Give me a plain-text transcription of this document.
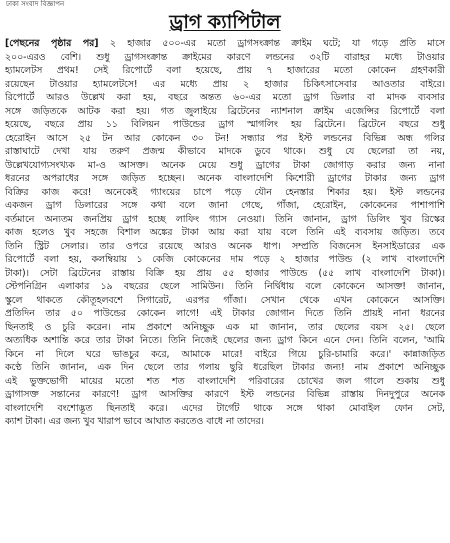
ঢাকা সংবাদ বিজ্ঞাপন
ড্রাগ ক্যাপিটাল

[পেছনের পৃষ্ঠার পর] ২ হাজার ৫০০-এর মতো ড্রাগসংক্রান্ত ক্রাইম ঘটে; যা গড়ে প্রতি মাসে

২০০-এরও বেশি। শুধু ড্রাগসংক্রান্ত ক্রাইমের কারণে লন্ডনের ৩২টি বারাহর মধ্যে টাওয়ার

হ্যামলেটস প্রথম! সেই রিপোর্টে বলা হয়েছে, প্রায় ৭ হাজারের মতো কোকেন গ্রহণকারী

রয়েছেন টাওয়ার হ্যামলেটসে! এর মধ্যে প্রায় ২ হাজার চিকিৎসাসেবার আওতার বাইরে।

রিপোর্টে আরও উল্লেখ করা হয়, বছরে অন্তত ৬০-এর মতো ড্রাগ ডিলার বা মাদক ব্যবসার

সঙ্গে জড়িতকে আটক করা হয়। গত জুলাইয়ে ব্রিটেনের ন্যাশনাল ক্রাইম এজেন্সির রিপোর্টে বলা

হয়েছে, বছরে প্রায় ১১ বিলিয়ন পাউন্ডের ড্রাগ স্মাগলিং হয় ব্রিটেনে। ব্রিটেনে বছরে শুধু

হেরোইন আসে ২৫ টন আর কোকেন ৩০ টন! সন্ধ্যার পর ইস্ট লন্ডনের বিভিন্ন অন্ধ গলির

রাস্তাঘাটে দেখা যায় তরুণ প্রজন্ম কীভাবে মাদকে ডুবে থাকে। শুধু যে ছেলেরা তা নয়,

উল্লেখযোগ্যসংখ্যক মা-ও আসক্ত। অনেক মেয়ে শুধু ড্রাগের টাকা জোগাড় করার জন্য নানা

ধরনের অপরাধের সঙ্গে জড়িত হচ্ছেন। অনেক বাংলাদেশি কিশোরী ড্রাগের টাকার জন্য ড্রাগ

বিক্রির কাজ করে! অনেকেই গ্যাংয়ের চাপে পড়ে যৌন হেনস্তার শিকার হয়। ইস্ট লন্ডনের

একজন ড্রাগ ডিলারের সঙ্গে কথা বলে জানা গেছে, গাঁজা, হেরোইন, কোকেনের পাশাপাশি

বর্তমানে অন্যতম জনপ্রিয় ড্রাগ হচ্ছে লাফিং গ্যাস নেওয়া। তিনি জানান, ড্রাগ ডিলিং খুব রিস্কের

কাজ হলেও খুব সহজে বিশাল অঙ্কের টাকা আয় করা যায় বলে তিনি এই ব্যবসায় জড়িত। তবে

তিনি স্ট্রিট সেলার। তার ওপরে রয়েছে আরও অনেক ধাপ। সম্প্রতি বিজনেস ইনসাইডারের এক

রিপোর্টে বলা হয়, কলম্বিয়ায় ১ কেজি কোকেনের দাম পড়ে ২ হাজার পাউন্ড (২ লাখ বাংলাদেশি

টাকা)। সেটা ব্রিটেনের রাস্তায় বিক্রি হয় প্রায় ৫৫ হাজার পাউন্ডে (৫৫ লাখ বাংলাদেশি টাকা)।

স্টেপনিগ্রিন এলাকার ১৯ বছরের ছেলে সামিউন। তিনি নির্দ্বিধায় বলে কোকেনে আসক্ত! জানান,

স্কুলে থাকতে কৌতূহলবশে সিগারেট, এরপর গাঁজা। সেখান থেকে এখন কোকেনে আসক্তি।

প্রতিদিন তার ৫০ পাউন্ডের কোকেন লাগে! এই টাকার জোগান দিতে তিনি প্রায়ই নানা ধরনের

ছিনতাই ও চুরি করেন। নাম প্রকাশে অনিচ্ছুক এক মা জানান, তার ছেলের বয়স ২৫। ছেলে

অত্যধিক অশান্তি করে তার টাকা নিতে। তিনি নিজেই ছেলের জন্য ড্রাগ কিনে এনে দেন। তিনি বলেন, 'আমি

কিনে না দিলে ঘরে ভাঙচুর করে, আমাকে মারে! বাইরে গিয়ে চুরি-চামারি করে।' কান্নাজড়িত

কণ্ঠে তিনি জানান, এক দিন ছেলে তার গলায় ছুরি ধরেছিল টাকার জন্য! নাম প্রকাশে অনিচ্ছুক

এই ভুক্তভোগী মায়ের মতো শত শত বাংলাদেশি পরিবারের চোখের জল গালে শুকায় শুধু

ড্রাগাসক্ত সন্তানের কারণে! ড্রাগ আসক্তির কারণে ইস্ট লন্ডনের বিভিন্ন রাস্তায় দিনদুপুরে অনেক

বাংলাদেশি বংশোদ্ভূত ছিনতাই করে। এদের টার্গেট থাকে সঙ্গে থাকা মোবাইল ফোন সেট,

ক্যাশ টাকা। এর জন্য খুব খারাপ ভাবে আঘাত করতেও বাধে না তাদের।
